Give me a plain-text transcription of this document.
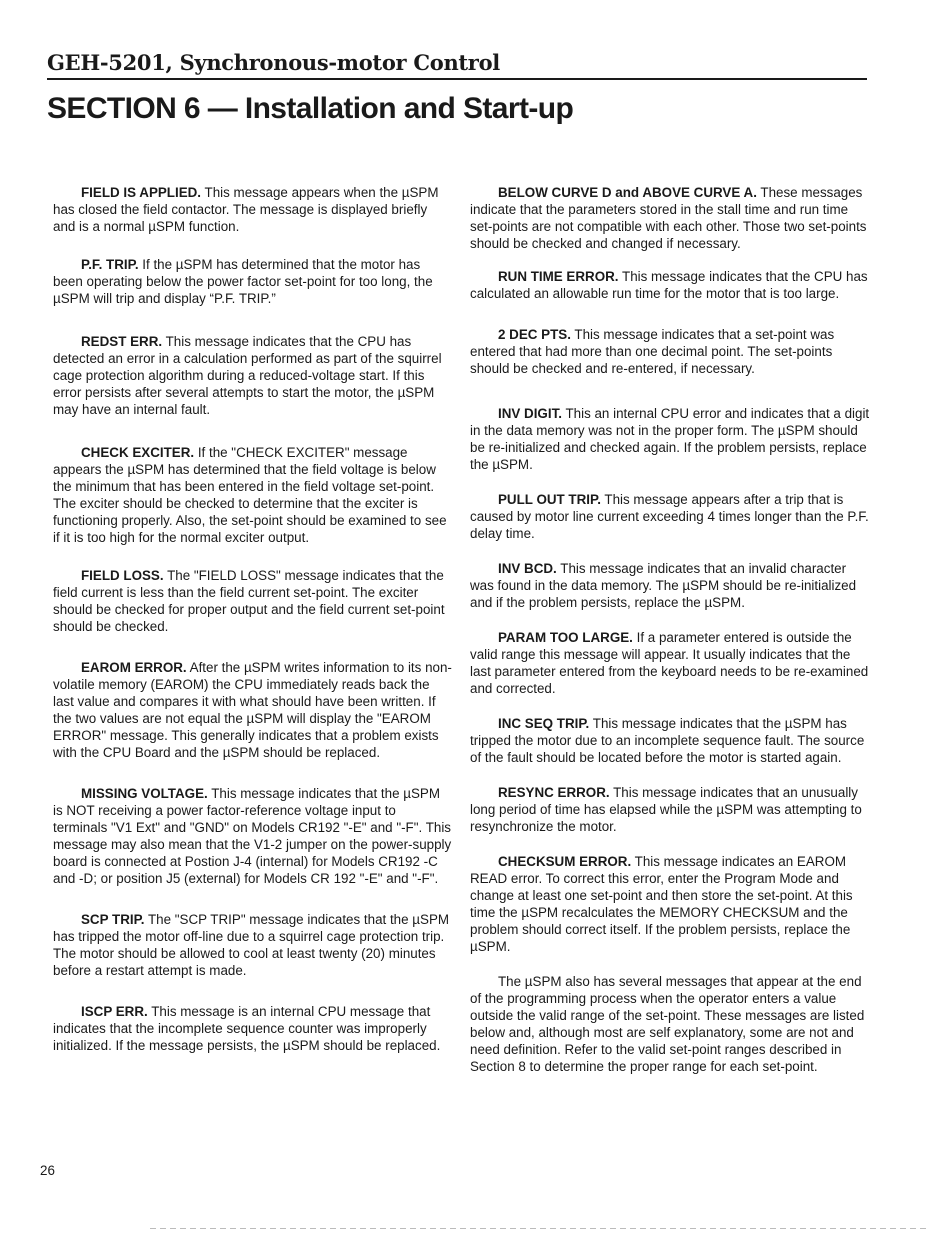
GEH-5201, Synchronous-motor Control
SECTION 6 — Installation and Start-up

FIELD IS APPLIED. This message appears when the µSPM has closed the field contactor. The message is displayed briefly and is a normal µSPM function.

P.F. TRIP. If the µSPM has determined that the motor has been operating below the power factor set-point for too long, the µSPM will trip and display “P.F. TRIP.”

REDST ERR. This message indicates that the CPU has detected an error in a calculation performed as part of the squirrel cage protection algorithm during a reduced-voltage start. If this error persists after several attempts to start the motor, the µSPM may have an internal fault.

CHECK EXCITER. If the "CHECK EXCITER" message appears the µSPM has determined that the field voltage is below the minimum that has been entered in the field voltage set-point. The exciter should be checked to determine that the exciter is functioning properly. Also, the set-point should be examined to see if it is too high for the normal exciter output.

FIELD LOSS. The "FIELD LOSS" message indicates that the field current is less than the field current set-point. The exciter should be checked for proper output and the field current set-point should be checked.

EAROM ERROR. After the µSPM writes information to its non-volatile memory (EAROM) the CPU immediately reads back the last value and compares it with what should have been written. If the two values are not equal the µSPM will display the "EAROM ERROR" message. This generally indicates that a problem exists with the CPU Board and the µSPM should be replaced.

MISSING VOLTAGE. This message indicates that the µSPM is NOT receiving a power factor-reference voltage input to terminals "V1 Ext" and "GND" on Models CR192 "-E" and "-F". This message may also mean that the V1-2 jumper on the power-supply board is connected at Postion J-4 (internal) for Models CR192 -C and -D; or position J5 (external) for Models CR 192 "-E" and "-F".

SCP TRIP. The "SCP TRIP" message indicates that the µSPM has tripped the motor off-line due to a squirrel cage protection trip. The motor should be allowed to cool at least twenty (20) minutes before a restart attempt is made.

ISCP ERR. This message is an internal CPU message that indicates that the incomplete sequence counter was improperly initialized. If the message persists, the µSPM should be replaced.

BELOW CURVE D and ABOVE CURVE A. These messages indicate that the parameters stored in the stall time and run time set-points are not compatible with each other. Those two set-points should be checked and changed if necessary.

RUN TIME ERROR. This message indicates that the CPU has calculated an allowable run time for the motor that is too large.

2 DEC PTS. This message indicates that a set-point was entered that had more than one decimal point. The set-points should be checked and re-entered, if necessary.

INV DIGIT. This an internal CPU error and indicates that a digit in the data memory was not in the proper form. The µSPM should be re-initialized and checked again. If the problem persists, replace the µSPM.

PULL OUT TRIP. This message appears after a trip that is caused by motor line current exceeding 4 times longer than the P.F. delay time.

INV BCD. This message indicates that an invalid character was found in the data memory. The µSPM should be re-initialized and if the problem persists, replace the µSPM.

PARAM TOO LARGE. If a parameter entered is outside the valid range this message will appear. It usually indicates that the last parameter entered from the keyboard needs to be re-examined and corrected.

INC SEQ TRIP. This message indicates that the µSPM has tripped the motor due to an incomplete sequence fault. The source of the fault should be located before the motor is started again.

RESYNC ERROR. This message indicates that an unusually long period of time has elapsed while the µSPM was attempting to resynchronize the motor.

CHECKSUM ERROR. This message indicates an EAROM READ error. To correct this error, enter the Program Mode and change at least one set-point and then store the set-point. At this time the µSPM recalculates the MEMORY CHECKSUM and the problem should correct itself. If the problem persists, replace the µSPM.

The µSPM also has several messages that appear at the end of the programming process when the operator enters a value outside the valid range of the set-point. These messages are listed below and, although most are self explanatory, some are not and need definition. Refer to the valid set-point ranges described in Section 8 to determine the proper range for each set-point.

26
